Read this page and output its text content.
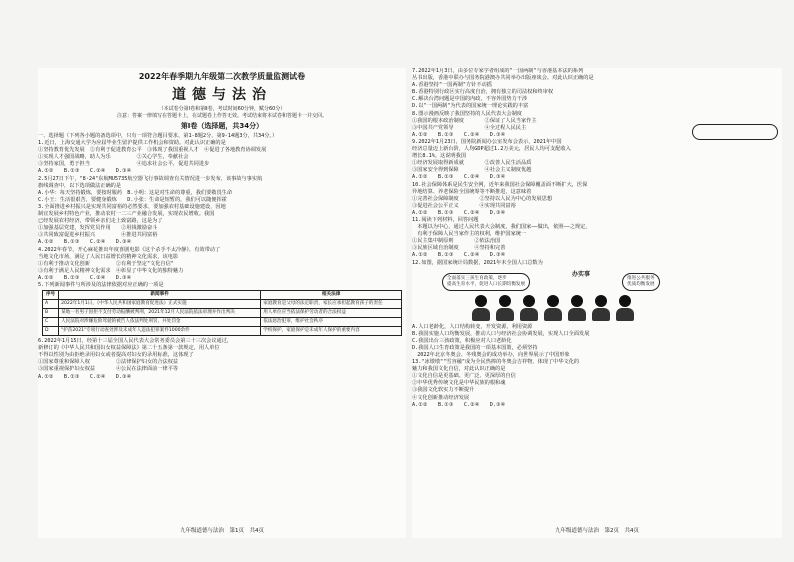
2022年春季期九年级第二次教学质量监测试卷
道德与法治
（本试卷分第Ⅰ卷和第Ⅱ卷，考试时间60分钟，赋分60分）
注意：答案一律填写在答题卡上，在试题卷上作答无效。考试结束将本试卷和答题卡一并交回。
第Ⅰ卷（选择题，共34分）
一、选择题（下列各小题的备选项中，只有一项符合题目要求，第1-8题2分，第9-14题3分，共34分。）
1.近日，上海交通大学为应届毕业生留沪提供工作机会和资助。对此认识正确的是
①坚持教育优先发展　②有利于促进教育公平　③体现了我国重视人才　④促进了各地教育协调发展
①实现人才强国战略，助人为乐　　　　　②关心学生，奉献社会
③坚持家国，勇于担当　　　　　　　　　④追求社会公平，促进共同进步
A.①②　　B.①③　　C.②④　　D.③④
2.5月27日下午，"8·24"东航MU5735航空器飞行事故调查有关情况进一步发布，该事故与事实航
旗线调查中，以下选项做法正确的是
A.小华：每天坚持锻炼，要按时服药　B.小明：这是对生命的尊重，我们要敬畏生命
C.小王：生活很艰苦，要健身锻炼　　D.小张：生命是短暂的，我们可以随便挥霍
3.全面推进乡村振兴是实现共同富裕的必然要求，要加强农村基础设施建设，因地
制宜发展乡村特色产业，推动农村一二三产业融合发展，实现农民增收。我国
已经发展农村经济，带领乡亲们走上致富路，这是为了
①加强基层党建，发挥党员作用　　②用钱激励奋斗
③共同致富促进乡村振兴　　　　　④推进共同富裕
A.①②　　B.①③　　C.②④　　D.③④
4.2022年春节，开心麻花推出年度喜剧电影《这个杀手不太冷静》，有效带动了
当地文化市场，满足了人民日益增长的精神文化需求，该电影
①有利于推动文化创新　　　　　②有利于坚定"文化自信"
③有利于满足人民精神文化需求　④彰显了中华文化的独特魅力
A.①②　　B.①③　　C.②④　　D.③④
5.下列新闻事件与所涉及的法律依据对应正确的一项是
序号	新闻事件	相关法律
A	2022年1月1日，《中华人民共和国家庭教育促进法》正式实施	家庭教育是父母的法定职责，家长应承担起教育孩子的责任
B	某地一名男子因拒不支付劳动报酬被判刑，2021年12月人民法院依法审理并作出判决	用人单位应当依法保护劳动者的合法权益
C	人民法院对涉嫌危险驾驶的被告人依法判处刑罚，并处罚金	依法惩治犯罪，维护社会秩序
D	"护苗2021"专项行动查处涉及未成年人违法犯罪案件1000余件	学校保护、家庭保护是未成年人保护的重要内容
6.2022年1月15日，经第十三届全国人民代表大会常务委员会第三十三次会议通过，
新修订的《中华人民共和国妇女权益保障法》第二十五条第一款规定，用人单位
不得以性别为由拒绝录用妇女或者提高对妇女的录用标准，这体现了
①国家尊重和保障人权　　　　　②法律保护妇女的合法权益
③国家重视保护妇女权益　　　　④公民在法律面前一律平等
A.①②　　B.①③　　C.②④　　D.③④
九年级道德与法治　第1页　共4页
7.2022年1月3日，由多位专家学者组成的"一国两制"与香港基本法的系列
丛书出版，香港中联办与国务院港澳办共同举办出版座谈会。对此认识正确的是
A.香港坚持"一国两制"方针不动摇
B.香港特别行政区实行高度自治，拥有独立的司法权和终审权
C.解决台湾问题是中国的内政，不容外国势力干涉
D.以"一国两制"为代表的国家统一理论实践的丰富
8.图示漫画反映了我国坚持的人民代表大会制度
①我国的根本政治制度　　　　②保证了人民当家作主
③中国共产党领导　　　　　　④全过程人民民主
A.①②　　B.①③　　C.②④　　D.③④
9.2022年1月23日，国务院新闻办公室发布会表示，2021年中国
经济总量迈上新台阶，人均GDP超过1.2万美元，居民人均可支配收入
增长8.1%。这说明我国
①经济发展取得新成就　　　　②改善人民生活品质
③国家安全得到保障　　　　　④社会主义制度优越
A.①②　　B.①③　　C.②④　　D.③④
10.社会保障体系是民生安全网，近年来我国社会保障覆盖面不断扩大，医保
异地结算、养老保险全国统筹等不断推进，这意味着
①完善社会保障制度　　　　②坚持以人民为中心的发展思想
③促进社会公平正义　　　　④实现共同富裕
A.①②　　B.①③　　C.②④　　D.③④
11.阅读下列材料，回答问题
　本题以为中心，通过人民代表大会制度，我们国家——做出，依照——之规定，
　有利于保障人民当家作主的权利，维护国家统一
①民主集中制原则　　　　②依法治国
③民族区域自治制度　　　④坚持和完善
A.①②　　B.①③　　C.②④　　D.③④
12.如图，据国家统计局数据，2021年末全国人口总数为
办实事
全面落实三孩生育政策，逐步
提高生育水平，促进人口长期均衡发展
推进公共服务
优质均衡发展
A.人口老龄化，人口结构转变，开发资源，利用资源
B.我国实施人口均衡发展，推动人口与经济社会协调发展，实现人口全面发展
C.我国出台三孩政策，积极应对人口老龄化
D.我国人口生育政策是我国的一项基本国策，必须坚持
　2022年北京冬奥会、冬残奥会的成功举办，向世界展示了中国形象
13."冰墩墩""雪容融"成为全民热捧的冬奥会吉祥物，体现了中华文化的
魅力和我国文化自信，对此认识正确的是
①文化自信是更基础、更广泛、更深厚的自信
②中华优秀传统文化是中华民族的根和魂
③我国文化软实力不断提升
④文化创新推动经济发展
A.①②　　B.①③　　C.②④　　D.③④
九年级道德与法治　第2页　共4页
